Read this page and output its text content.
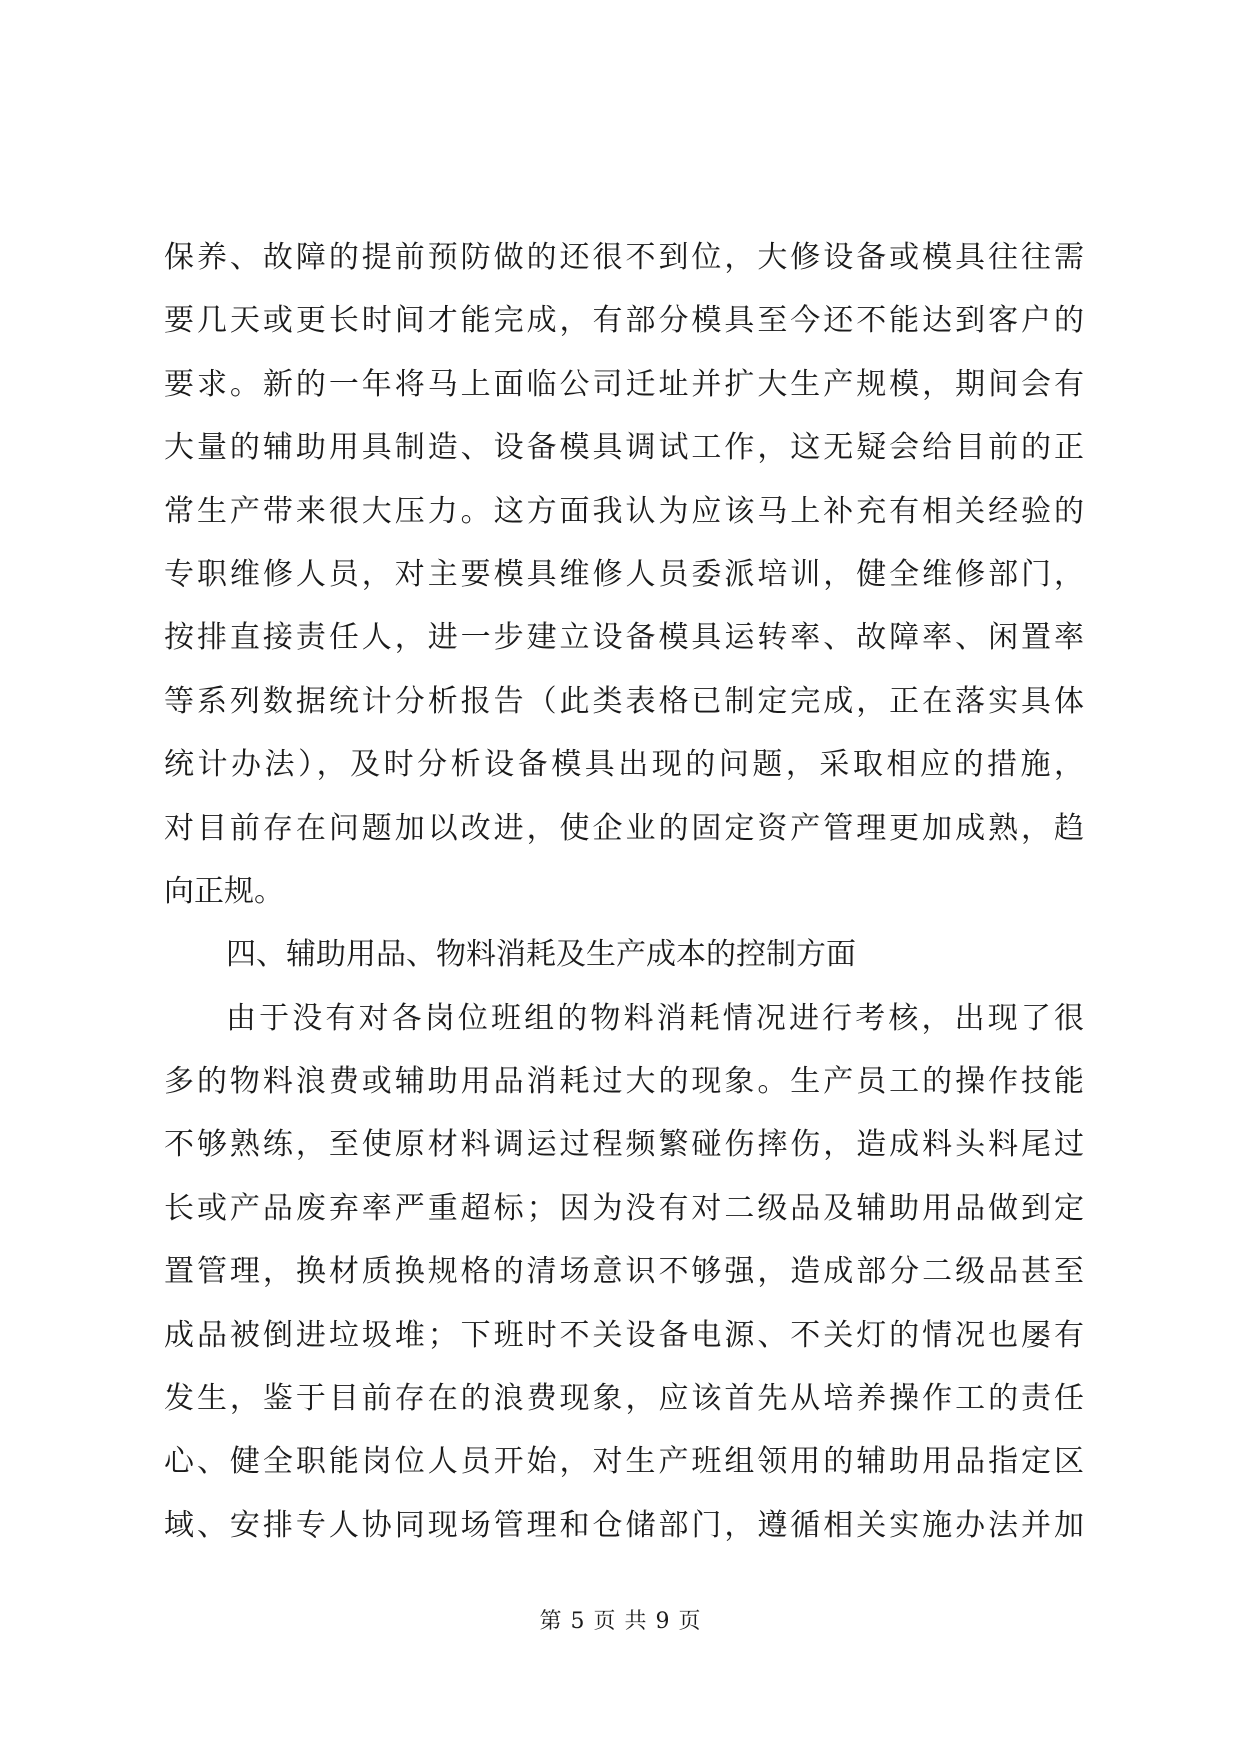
保养、故障的提前预防做的还很不到位，大修设备或模具往往需
要几天或更长时间才能完成，有部分模具至今还不能达到客户的
要求。新的一年将马上面临公司迁址并扩大生产规模，期间会有
大量的辅助用具制造、设备模具调试工作，这无疑会给目前的正
常生产带来很大压力。这方面我认为应该马上补充有相关经验的
专职维修人员，对主要模具维修人员委派培训，健全维修部门，
按排直接责任人，进一步建立设备模具运转率、故障率、闲置率
等系列数据统计分析报告（此类表格已制定完成，正在落实具体
统计办法），及时分析设备模具出现的问题，采取相应的措施，
对目前存在问题加以改进，使企业的固定资产管理更加成熟，趋
向正规。
四、辅助用品、物料消耗及生产成本的控制方面
由于没有对各岗位班组的物料消耗情况进行考核，出现了很
多的物料浪费或辅助用品消耗过大的现象。生产员工的操作技能
不够熟练，至使原材料调运过程频繁碰伤摔伤，造成料头料尾过
长或产品废弃率严重超标；因为没有对二级品及辅助用品做到定
置管理，换材质换规格的清场意识不够强，造成部分二级品甚至
成品被倒进垃圾堆；下班时不关设备电源、不关灯的情况也屡有
发生，鉴于目前存在的浪费现象，应该首先从培养操作工的责任
心、健全职能岗位人员开始，对生产班组领用的辅助用品指定区
域、安排专人协同现场管理和仓储部门，遵循相关实施办法并加
第 5 页 共 9 页
